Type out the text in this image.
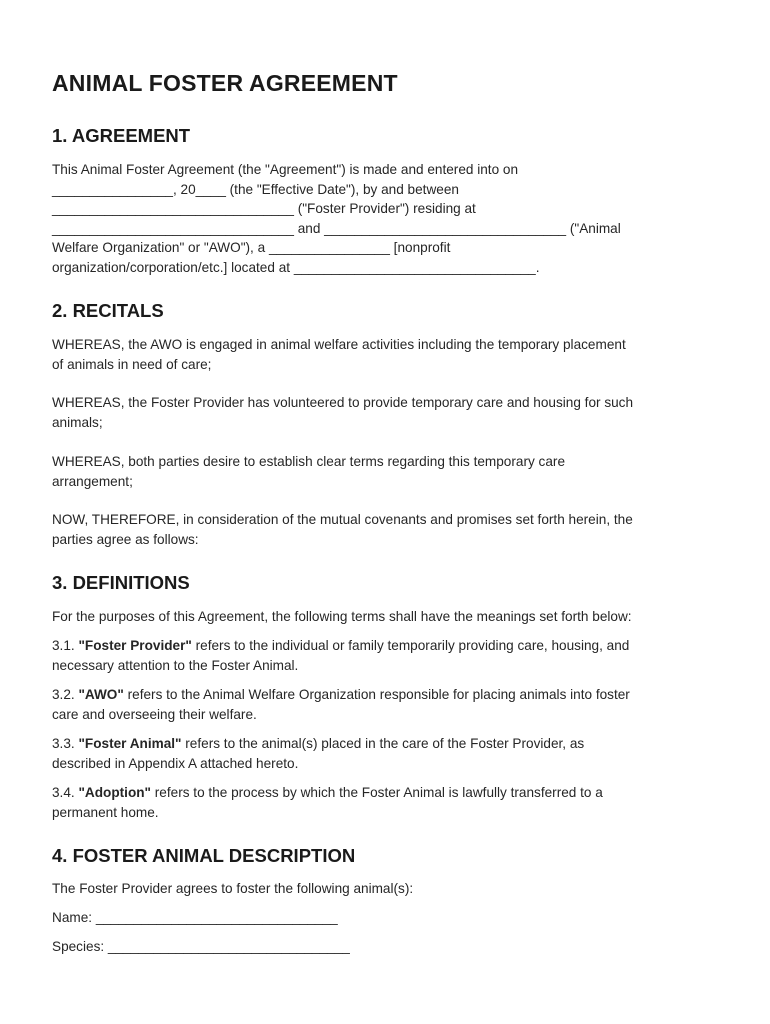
ANIMAL FOSTER AGREEMENT
1. AGREEMENT
This Animal Foster Agreement (the "Agreement") is made and entered into on
________________, 20____ (the "Effective Date"), by and between
________________________________ ("Foster Provider") residing at
________________________________ and ________________________________ ("Animal
Welfare Organization" or "AWO"), a ________________ [nonprofit
organization/corporation/etc.] located at ________________________________.
2. RECITALS
WHEREAS, the AWO is engaged in animal welfare activities including the temporary placement
of animals in need of care;
WHEREAS, the Foster Provider has volunteered to provide temporary care and housing for such
animals;
WHEREAS, both parties desire to establish clear terms regarding this temporary care
arrangement;
NOW, THEREFORE, in consideration of the mutual covenants and promises set forth herein, the
parties agree as follows:
3. DEFINITIONS
For the purposes of this Agreement, the following terms shall have the meanings set forth below:
3.1. "Foster Provider" refers to the individual or family temporarily providing care, housing, and
necessary attention to the Foster Animal.
3.2. "AWO" refers to the Animal Welfare Organization responsible for placing animals into foster
care and overseeing their welfare.
3.3. "Foster Animal" refers to the animal(s) placed in the care of the Foster Provider, as
described in Appendix A attached hereto.
3.4. "Adoption" refers to the process by which the Foster Animal is lawfully transferred to a
permanent home.
4. FOSTER ANIMAL DESCRIPTION
The Foster Provider agrees to foster the following animal(s):
Name: ________________________________
Species: ________________________________
